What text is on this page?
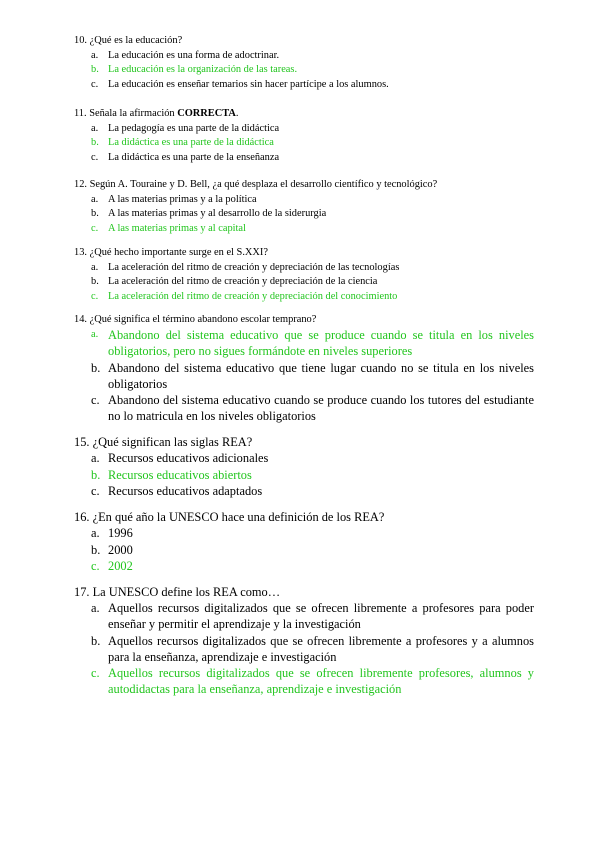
10. ¿Qué es la educación?
a. La educación es una forma de adoctrinar.
b. La educación es la organización de las tareas.
c. La educación es enseñar temarios sin hacer partícipe a los alumnos.
11. Señala la afirmación CORRECTA.
a. La pedagogía es una parte de la didáctica
b. La didáctica es una parte de la didáctica
c. La didáctica es una parte de la enseñanza
12. Según A. Touraine y D. Bell, ¿a qué desplaza el desarrollo científico y tecnológico?
a. A las materias primas y a la política
b. A las materias primas y al desarrollo de la siderurgia
c. A las materias primas y al capital
13. ¿Qué hecho importante surge en el S.XXI?
a. La aceleración del ritmo de creación y depreciación de las tecnologías
b. La aceleración del ritmo de creación y depreciación de la ciencia
c. La aceleración del ritmo de creación y depreciación del conocimiento
14. ¿Qué significa el término abandono escolar temprano?
a. Abandono del sistema educativo que se produce cuando se titula en los niveles obligatorios, pero no sigues formándote en niveles superiores
b. Abandono del sistema educativo que tiene lugar cuando no se titula en los niveles obligatorios
c. Abandono del sistema educativo cuando se produce cuando los tutores del estudiante no lo matricula en los niveles obligatorios
15. ¿Qué significan las siglas REA?
a. Recursos educativos adicionales
b. Recursos educativos abiertos
c. Recursos educativos adaptados
16. ¿En qué año la UNESCO hace una definición de los REA?
a. 1996
b. 2000
c. 2002
17. La UNESCO define los REA como…
a. Aquellos recursos digitalizados que se ofrecen libremente a profesores para poder enseñar y permitir el aprendizaje y la investigación
b. Aquellos recursos digitalizados que se ofrecen libremente a profesores y a alumnos para la enseñanza, aprendizaje e investigación
c. Aquellos recursos digitalizados que se ofrecen libremente profesores, alumnos y autodidactas para la enseñanza, aprendizaje e investigación
